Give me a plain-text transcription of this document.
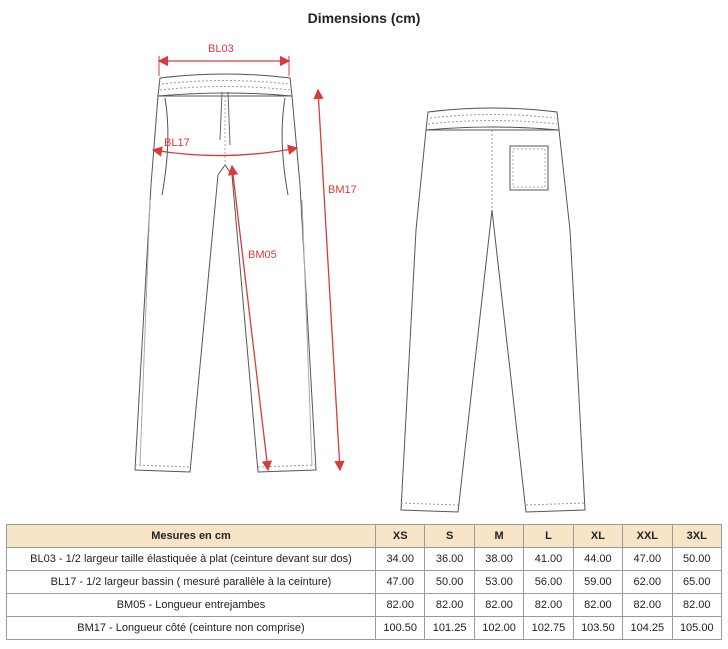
Dimensions (cm)
BL03
BL17
BM05
BM17
Mesures en cm	XS	S	M	L	XL	XXL	3XL
BL03 - 1/2 largeur taille élastiquée à plat (ceinture devant sur dos)	34.00	36.00	38.00	41.00	44.00	47.00	50.00
BL17 - 1/2 largeur bassin ( mesuré parallèle à la ceinture)	47.00	50.00	53.00	56.00	59.00	62.00	65.00
BM05 - Longueur entrejambes	82.00	82.00	82.00	82.00	82.00	82.00	82.00
BM17 - Longueur côté (ceinture non comprise)	100.50	101.25	102.00	102.75	103.50	104.25	105.00
